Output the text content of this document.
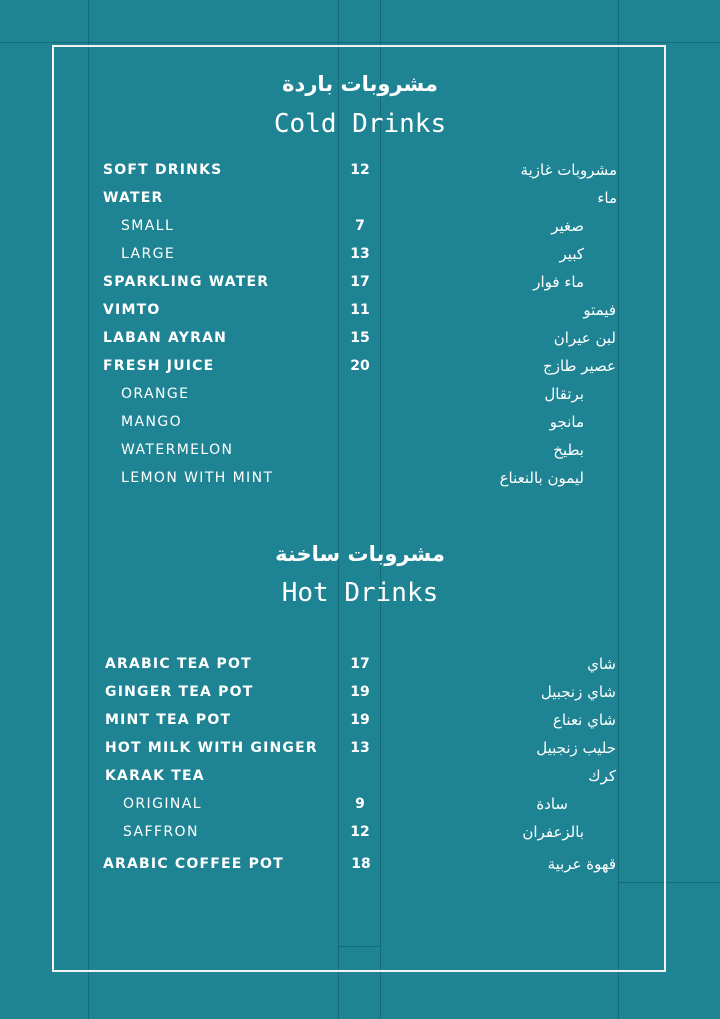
مشروبات باردة
Cold Drinks
SOFT DRINKS	12	مشروبات غازية
WATER	ماء
SMALL	7	صغير
LARGE	13	كبير
SPARKLING WATER	17	ماء فوار
VIMTO	11	فيمتو
LABAN AYRAN	15	لبن عيران
FRESH JUICE	20	عصير طازج
ORANGE	برتقال
MANGO	مانجو
WATERMELON	بطيخ
LEMON WITH MINT	ليمون بالنعناع
مشروبات ساخنة
Hot Drinks
ARABIC TEA POT	17	شاي
GINGER TEA POT	19	شاي زنجبيل
MINT TEA POT	19	شاي نعناع
HOT MILK WITH GINGER	13	حليب زنجبيل
KARAK TEA	كرك
ORIGINAL	9	سادة
SAFFRON	12	بالزعفران
ARABIC COFFEE POT	18	قهوة عربية
